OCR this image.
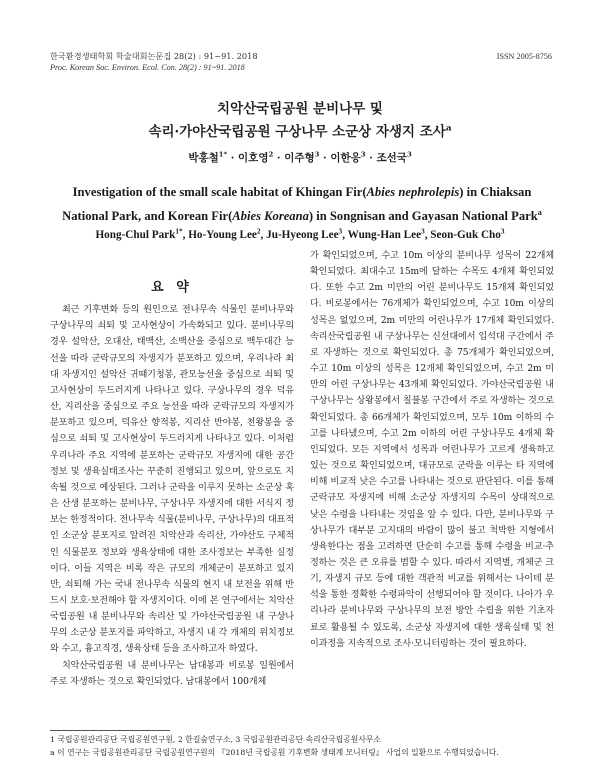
한국환경생태학회 학술대회논문집 28(2) : 91~91. 2018
Proc. Korean Soc. Environ. Ecol. Con. 28(2) : 91~91. 2018
ISSN 2005-8756
치악산국립공원 분비나무 및
속리·가야산국립공원 구상나무 소군상 자생지 조사$^a$
박홍철$^{1*}$ · 이호영$^2$ · 이주형$^3$ · 이한응$^3$ · 조선국$^3$
Investigation of the small scale habitat of Khingan Fir(Abies nephrolepis) in Chiaksan National Park, and Korean Fir(Abies Koreana) in Songnisan and Gayasan National Park$^a$
Hong-Chul Park$^{1*}$, Ho-Young Lee$^2$, Ju-Hyeong Lee$^3$, Wung-Han Lee$^3$, Seon-Guk Cho$^3$

요 약

최근 기후변화 등의 원인으로 전나무속 식물인 분비나무와 구상나무의 쇠퇴 및 고사현상이 가속화되고 있다. 분비나무의 경우 설악산, 오대산, 태백산, 소백산을 중심으로 백두대간 능선을 따라 군락규모의 자생지가 분포하고 있으며, 우리나라 최대 자생지인 설악산 귀때기청봉, 관모능선을 중심으로 쇠퇴 및 고사현상이 두드러지게 나타나고 있다. 구상나무의 경우 덕유산, 지리산을 중심으로 주요 능선을 따라 군락규모의 자생지가 분포하고 있으며, 덕유산 향적봉, 지리산 반야봉, 천왕봉을 중심으로 쇠퇴 및 고사현상이 두드러지게 나타나고 있다. 이처럼 우리나라 주요 지역에 분포하는 군락규모 자생지에 대한 공간정보 및 생육실태조사는 꾸준히 진행되고 있으며, 앞으로도 지속될 것으로 예상된다. 그러나 군락을 이루지 못하는 소군상 혹은 산생 분포하는 분비나무, 구상나무 자생지에 대한 서식지 정보는 한정적이다. 전나무속 식물(분비나무, 구상나무)의 대표적인 소군상 분포지로 알려진 치악산과 속리산, 가야산도 구체적인 식물분포 정보와 생육상태에 대한 조사정보는 부족한 실정이다. 이들 지역은 비록 작은 규모의 개체군이 분포하고 있지만, 쇠퇴해 가는 국내 전나무속 식물의 현지 내 보전을 위해 반드시 보호·보전해야 할 자생지이다. 이에 본 연구에서는 치악산국립공원 내 분비나무와 속리산 및 가야산국립공원 내 구상나무의 소군상 분포지를 파악하고, 자생지 내 각 개체의 위치정보와 수고, 흉고직경, 생육상태 등을 조사하고자 하였다.

치악산국립공원 내 분비나무는 남대봉과 비로봉 일원에서 주로 자생하는 것으로 확인되었다. 남대봉에서 100개체

가 확인되었으며, 수고 10m 이상의 분비나무 성목이 22개체 확인되었다. 최대수고 15m에 달하는 수목도 4개체 확인되었다. 또한 수고 2m 미만의 어린 분비나무도 15개체 확인되었다. 비로봉에서는 76개체가 확인되었으며, 수고 10m 이상의 성목은 없었으며, 2m 미만의 어린나무가 17개체 확인되었다. 속리산국립공원 내 구상나무는 신선대에서 입석대 구간에서 주로 자생하는 것으로 확인되었다. 총 75개체가 확인되었으며, 수고 10m 이상의 성목은 12개체 확인되었으며, 수고 2m 미만의 어린 구상나무는 43개체 확인되었다. 가야산국립공원 내 구상나무는 상왕봉에서 칠불봉 구간에서 주로 자생하는 것으로 확인되었다. 총 66개체가 확인되었으며, 모두 10m 이하의 수고를 나타냈으며, 수고 2m 이하의 어린 구상나무도 4개체 확인되었다. 모든 지역에서 성목과 어린나무가 고르게 생육하고 있는 것으로 확인되었으며, 대규모로 군락을 이루는 타 지역에 비해 비교적 낮은 수고를 나타내는 것으로 판단된다. 이를 통해 군락규모 자생지에 비해 소군상 자생지의 수목이 상대적으로 낮은 수령을 나타내는 것임을 알 수 있다. 다만, 분비나무와 구상나무가 대부분 고지대의 바람이 많이 불고 척박한 지형에서 생육한다는 점을 고려하면 단순히 수고를 통해 수령을 비교·추정하는 것은 큰 오류를 범할 수 있다. 따라서 지역별, 개체군 크기, 자생지 규모 등에 대한 객관적 비교를 위해서는 나이테 분석을 통한 정확한 수령파악이 선행되어야 할 것이다. 나아가 우리나라 분비나무와 구상나무의 보전 방안 수립을 위한 기초자료로 활용될 수 있도록, 소군상 자생지에 대한 생육실태 및 천이과정을 지속적으로 조사·모니터링하는 것이 필요하다.

1 국립공원관리공단 국립공원연구원, 2 한길숲연구소, 3 국립공원관리공단 속리산국립공원사무소
a 이 연구는 국립공원관리공단 국립공원연구원의 『2018년 국립공원 기후변화 생태계 모니터링』 사업의 일환으로 수행되었습니다.
